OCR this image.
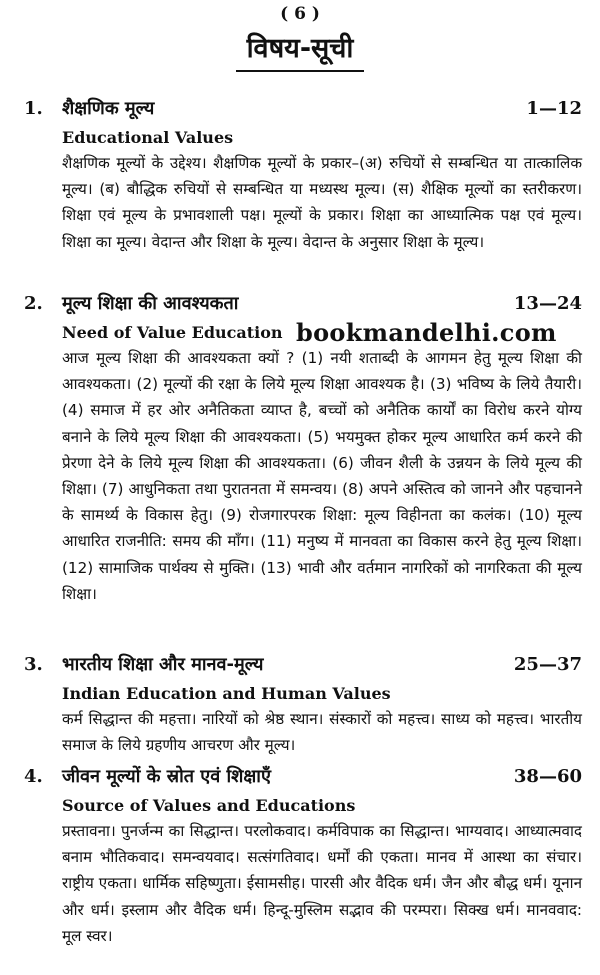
( 6 )
विषय-सूची
1. शैक्षणिक मूल्य	1—12
Educational Values
शैक्षणिक मूल्यों के उद्देश्य। शैक्षणिक मूल्यों के प्रकार–(अ) रुचियों से सम्बन्धित या तात्कालिक मूल्य। (ब) बौद्धिक रुचियों से सम्बन्धित या मध्यस्थ मूल्य। (स) शैक्षिक मूल्यों का स्तरीकरण। शिक्षा एवं मूल्य के प्रभावशाली पक्ष। मूल्यों के प्रकार। शिक्षा का आध्यात्मिक पक्ष एवं मूल्य। शिक्षा का मूल्य। वेदान्त और शिक्षा के मूल्य। वेदान्त के अनुसार शिक्षा के मूल्य।
2. मूल्य शिक्षा की आवश्यकता	13—24
Need of Value Education
आज मूल्य शिक्षा की आवश्यकता क्यों ? (1) नयी शताब्दी के आगमन हेतु मूल्य शिक्षा की आवश्यकता। (2) मूल्यों की रक्षा के लिये मूल्य शिक्षा आवश्यक है। (3) भविष्य के लिये तैयारी। (4) समाज में हर ओर अनैतिकता व्याप्त है, बच्चों को अनैतिक कार्यों का विरोध करने योग्य बनाने के लिये मूल्य शिक्षा की आवश्यकता। (5) भयमुक्त होकर मूल्य आधारित कर्म करने की प्रेरणा देने के लिये मूल्य शिक्षा की आवश्यकता। (6) जीवन शैली के उन्नयन के लिये मूल्य की शिक्षा। (7) आधुनिकता तथा पुरातनता में समन्वय। (8) अपने अस्तित्व को जानने और पहचानने के सामर्थ्य के विकास हेतु। (9) रोजगारपरक शिक्षा: मूल्य विहीनता का कलंक। (10) मूल्य आधारित राजनीति: समय की माँग। (11) मनुष्य में मानवता का विकास करने हेतु मूल्य शिक्षा। (12) सामाजिक पार्थक्य से मुक्ति। (13) भावी और वर्तमान नागरिकों को नागरिकता की मूल्य शिक्षा।
bookmandelhi.com
3. भारतीय शिक्षा और मानव-मूल्य	25—37
Indian Education and Human Values
कर्म सिद्धान्त की महत्ता। नारियों को श्रेष्ठ स्थान। संस्कारों को महत्त्व। साध्य को महत्त्व। भारतीय समाज के लिये ग्रहणीय आचरण और मूल्य।
4. जीवन मूल्यों के स्रोत एवं शिक्षाएँ	38—60
Source of Values and Educations
प्रस्तावना। पुनर्जन्म का सिद्धान्त। परलोकवाद। कर्मविपाक का सिद्धान्त। भाग्यवाद। आध्यात्मवाद बनाम भौतिकवाद। समन्वयवाद। सत्संगतिवाद। धर्मों की एकता। मानव में आस्था का संचार। राष्ट्रीय एकता। धार्मिक सहिष्णुता। ईसामसीह। पारसी और वैदिक धर्म। जैन और बौद्ध धर्म। यूनान और धर्म। इस्लाम और वैदिक धर्म। हिन्दू-मुस्लिम सद्भाव की परम्परा। सिक्ख धर्म। मानववाद: मूल स्वर।
